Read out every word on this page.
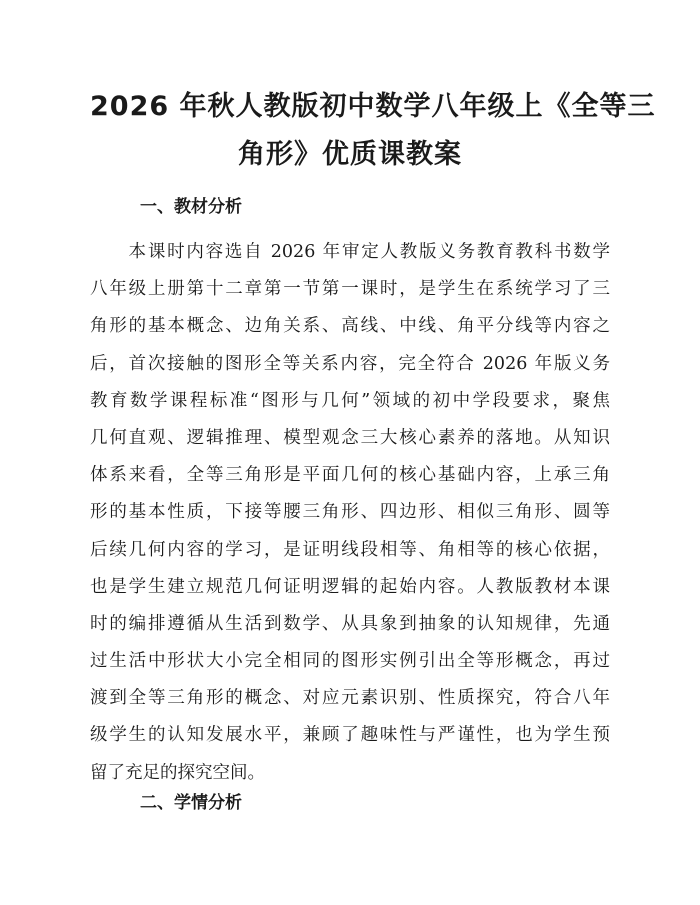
2026 年秋人教版初中数学八年级上《全等三
角形》优质课教案
一、教材分析
　　本课时内容选自 2026 年审定人教版义务教育教科书数学
八年级上册第十二章第一节第一课时，是学生在系统学习了三
角形的基本概念、边角关系、高线、中线、角平分线等内容之
后，首次接触的图形全等关系内容，完全符合 2026 年版义务
教育数学课程标准“图形与几何”领域的初中学段要求，聚焦
几何直观、逻辑推理、模型观念三大核心素养的落地。从知识
体系来看，全等三角形是平面几何的核心基础内容，上承三角
形的基本性质，下接等腰三角形、四边形、相似三角形、圆等
后续几何内容的学习，是证明线段相等、角相等的核心依据，
也是学生建立规范几何证明逻辑的起始内容。人教版教材本课
时的编排遵循从生活到数学、从具象到抽象的认知规律，先通
过生活中形状大小完全相同的图形实例引出全等形概念，再过
渡到全等三角形的概念、对应元素识别、性质探究，符合八年
级学生的认知发展水平，兼顾了趣味性与严谨性，也为学生预
留了充足的探究空间。
二、学情分析
